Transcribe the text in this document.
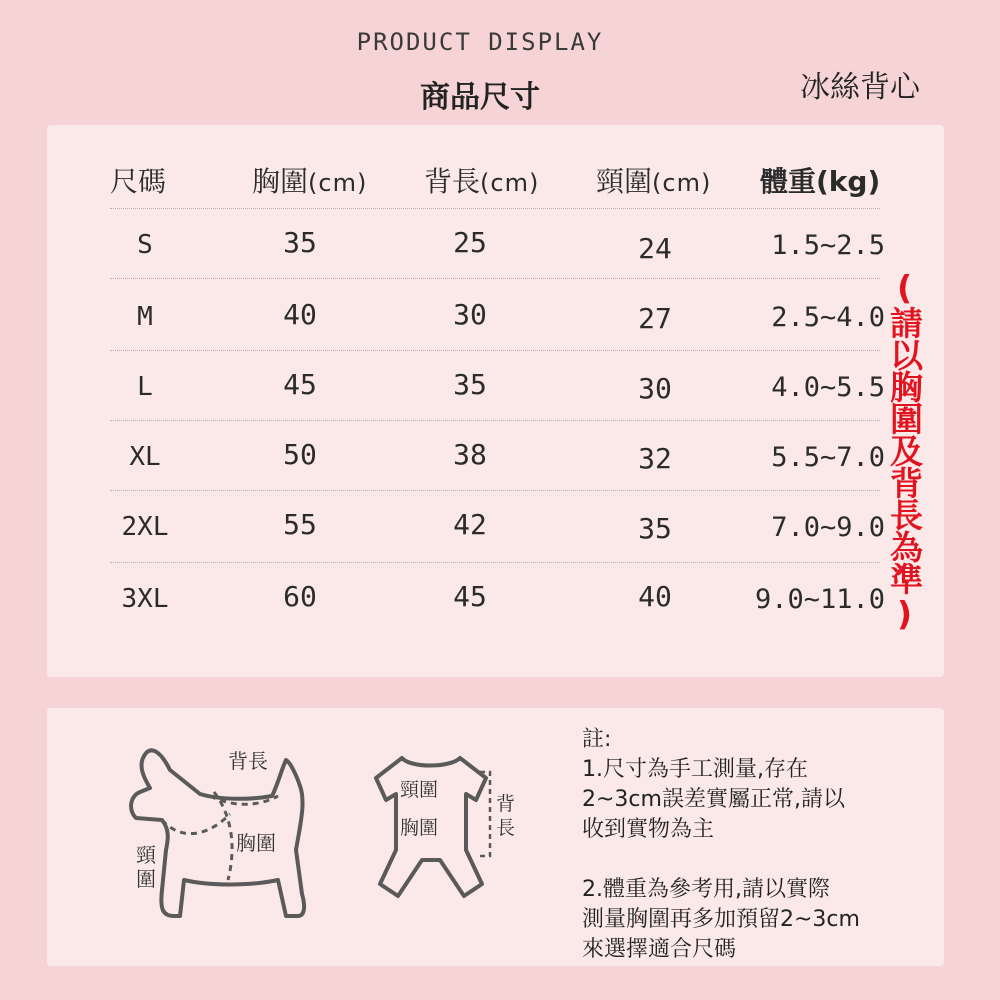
PRODUCT DISPLAY
商品尺寸	冰絲背心
尺碼	胸圍(cm) 背長(cm) 頸圍(cm) 體重(kg)
S	35	25	24	1.5~2.5
M	40	30	27	2.5~4.0
L	45	35	30	4.0~5.5
XL	50	38	32	5.5~7.0
2XL	55	42	35	7.0~9.0
3XL	60	45	40	9.0~11.0 (請以胸圍及背長為準)
背長
胸圍
頸
圍
頸圍
胸圍
背
長
註:
1.尺寸為手工測量,存在
2~3cm誤差實屬正常,請以
收到實物為主
2.體重為參考用,請以實際
測量胸圍再多加預留2~3cm
來選擇適合尺碼
